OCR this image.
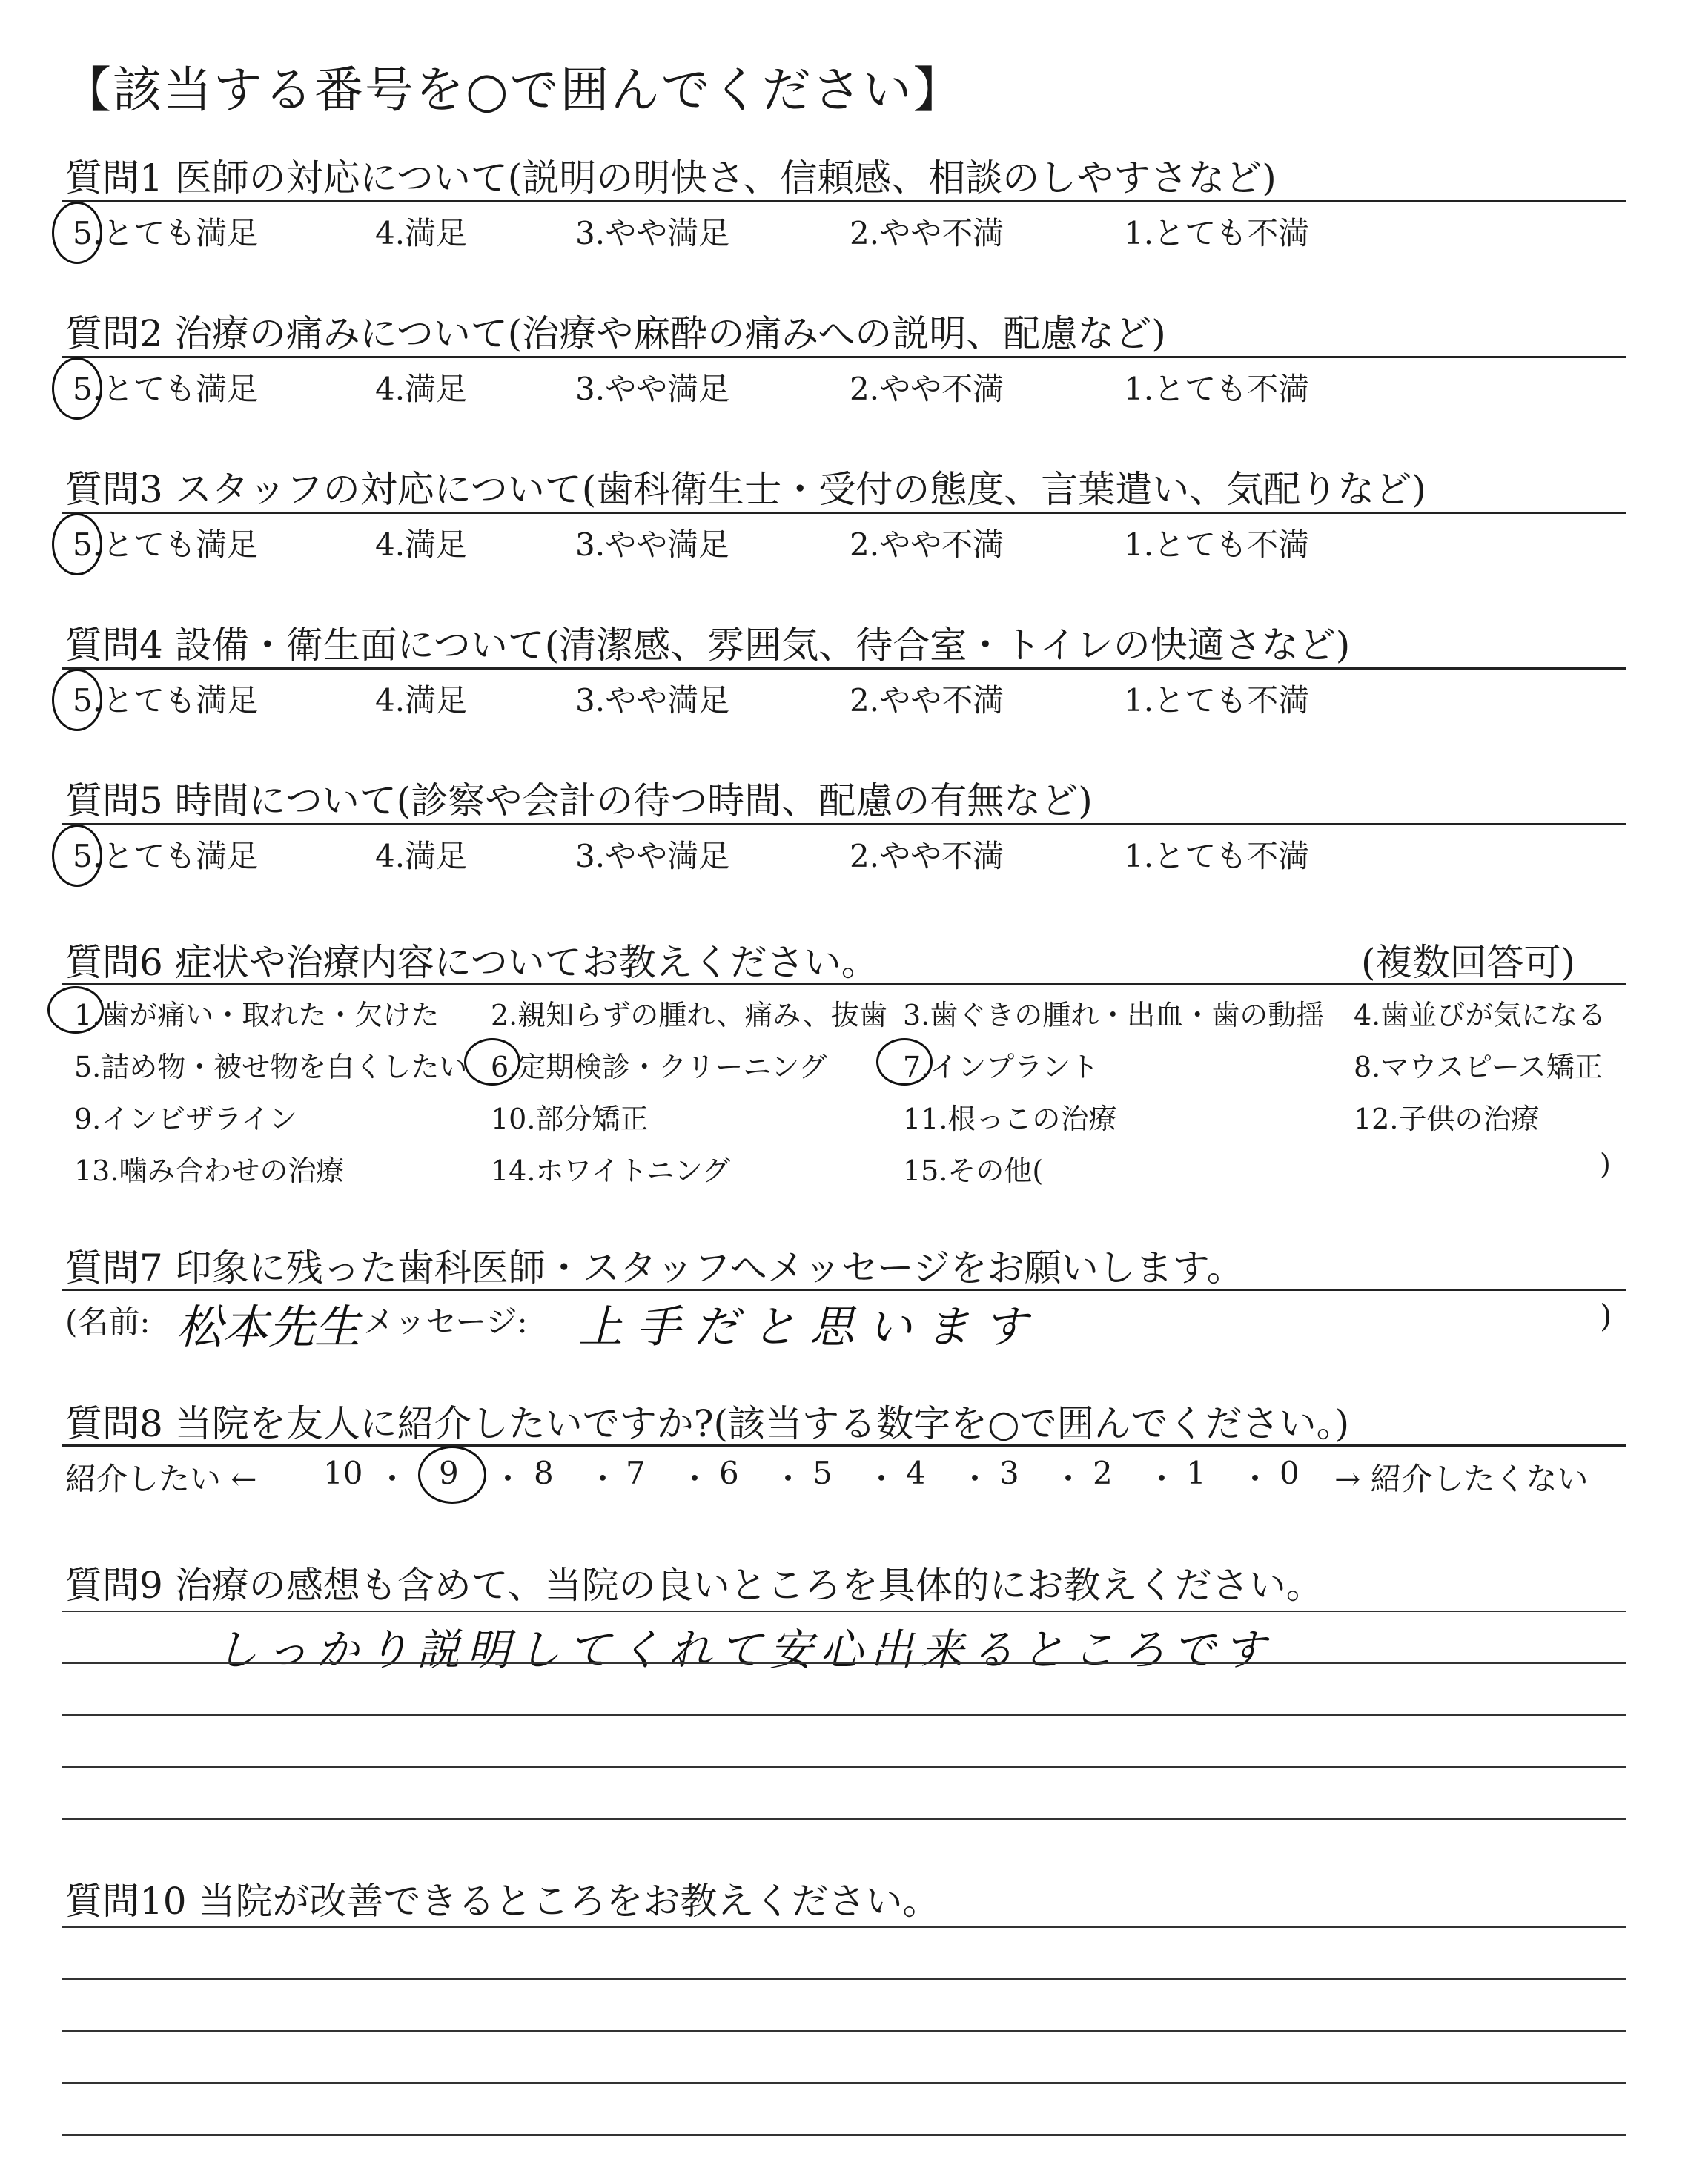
【該当する番号を○で囲んでください】
質問6 症状や治療内容についてお教えください。	(複数回答可)
質問7 印象に残った歯科医師・スタッフへメッセージをお願いします。
(名前: 松本先生 メッセージ: 上手だと思います	)
質問8 当院を友人に紹介したいですか?(該当する数字を○で囲んでください。)
紹介したい ←	→ 紹介したくない
質問9 治療の感想も含めて、当院の良いところを具体的にお教えください。
しっかり説明してくれて安心出来るところです
質問10 当院が改善できるところをお教えください。
質問1 医師の対応について(説明の明快さ、信頼感、相談のしやすさなど)
5.とても満足	4.満足	3.やや満足	2.やや不満	1.とても不満
質問2 治療の痛みについて(治療や麻酔の痛みへの説明、配慮など)
5.とても満足	4.満足	3.やや満足	2.やや不満	1.とても不満
質問3 スタッフの対応について(歯科衛生士・受付の態度、言葉遣い、気配りなど)
5.とても満足	4.満足	3.やや満足	2.やや不満	1.とても不満
質問4 設備・衛生面について(清潔感、雰囲気、待合室・トイレの快適さなど)
5.とても満足	4.満足	3.やや満足	2.やや不満	1.とても不満
質問5 時間について(診察や会計の待つ時間、配慮の有無など)
5.とても満足	4.満足	3.やや満足	2.やや不満	1.とても不満
1.歯が痛い・取れた・欠けた 2.親知らずの腫れ、痛み、抜歯 3.歯ぐきの腫れ・出血・歯の動揺 4.歯並びが気になる
5.詰め物・被せ物を白くしたい 6.定期検診・クリーニング	7.インプラント	8.マウスピース矯正
9.インビザライン	10.部分矯正	11.根っこの治療	12.子供の治療
13.噛み合わせの治療	14.ホワイトニング	15.その他(	)
10 ・ 9 ・ 8 ・ 7 ・ 6 ・ 5 ・ 4 ・ 3 ・ 2 ・ 1 ・ 0
